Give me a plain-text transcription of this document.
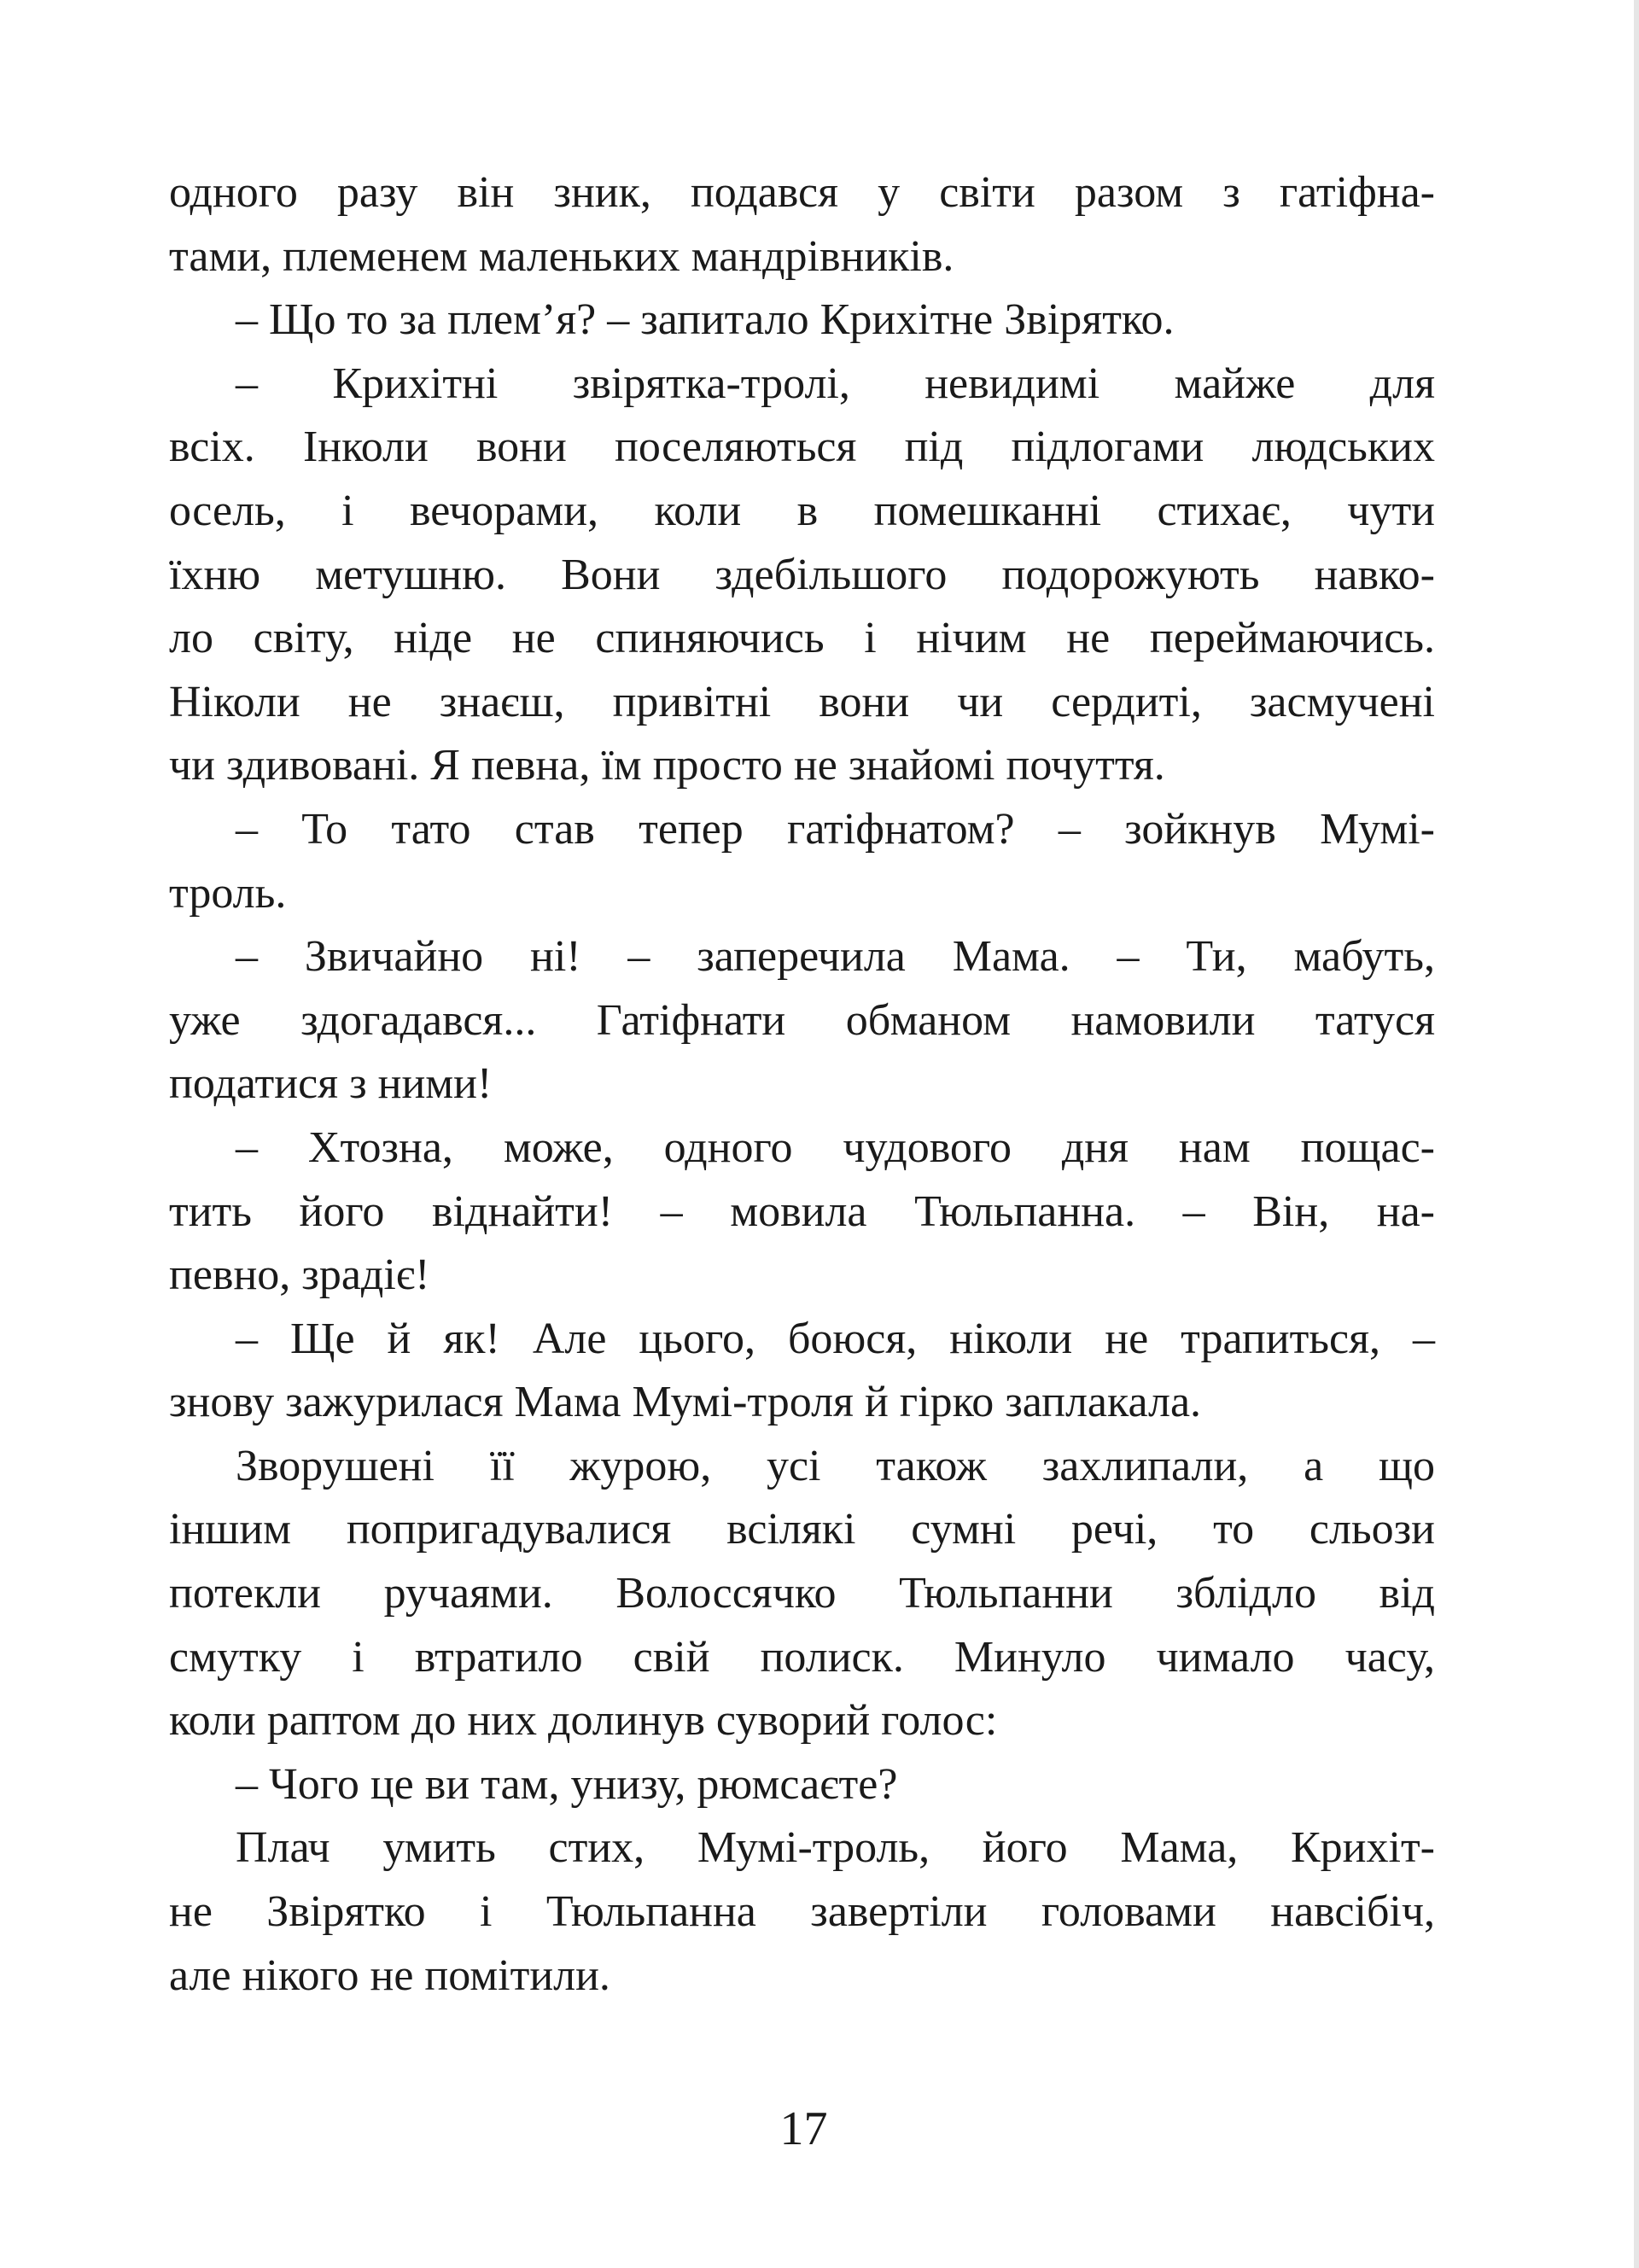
одного разу він зник, подався у світи разом з гатіфна-
тами, племенем маленьких мандрівників.
– Що то за плем’я? – запитало Крихітне Звірятко.
– Крихітні звірятка-тролі, невидимі майже для
всіх. Інколи вони поселяються під підлогами людських
осель, і вечорами, коли в помешканні стихає, чути
їхню метушню. Вони здебільшого подорожують навко-
ло світу, ніде не спиняючись і нічим не переймаючись.
Ніколи не знаєш, привітні вони чи сердиті, засмучені
чи здивовані. Я певна, їм просто не знайомі почуття.
– То тато став тепер гатіфнатом? – зойкнув Мумі-
троль.
– Звичайно ні! – заперечила Мама. – Ти, мабуть,
уже здогадався... Гатіфнати обманом намовили татуся
податися з ними!
– Хтозна, може, одного чудового дня нам пощас-
тить його віднайти! – мовила Тюльпанна. – Він, на-
певно, зрадіє!
– Ще й як! Але цього, боюся, ніколи не трапиться, –
знову зажурилася Мама Мумі-троля й гірко заплакала.
Зворушені її журою, усі також захлипали, а що
іншим попригадувалися всілякі сумні речі, то сльози
потекли ручаями. Волоссячко Тюльпанни зблідло від
смутку і втратило свій полиск. Минуло чимало часу,
коли раптом до них долинув суворий голос:
– Чого це ви там, унизу, рюмсаєте?
Плач умить стих, Мумі-троль, його Мама, Крихіт-
не Звірятко і Тюльпанна завертіли головами навсібіч,
але нікого не помітили.
17
